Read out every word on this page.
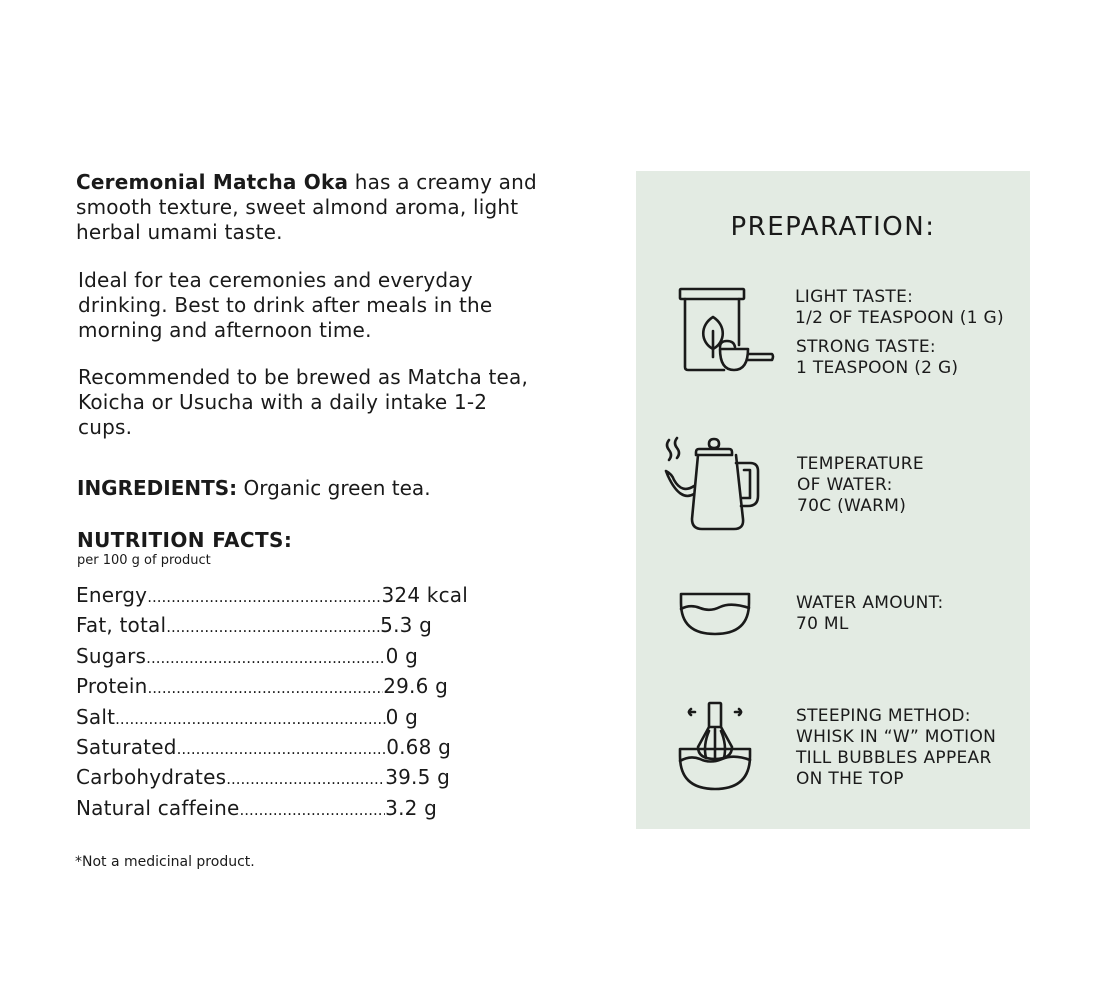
Ceremonial Matcha Oka has a creamy and smooth texture, sweet almond aroma, light herbal umami taste.

Ideal for tea ceremonies and everyday drinking. Best to drink after meals in the morning and afternoon time.

Recommended to be brewed as Matcha tea, Koicha or Usucha with a daily intake 1-2 cups.

INGREDIENTS: Organic green tea.
NUTRITION FACTS:
per 100 g of product
Energy .....	324 kcal
Fat, total .....	5.3 g
Sugars .....	0 g
Protein .....	29.6 g
Salt .....	0 g
Saturated .....	0.68 g
Carbohydrates .....	39.5 g
Natural caffeine .....	3.2 g
*Not a medicinal product.
PREPARATION:
LIGHT TASTE:
1/2 OF TEASPOON (1 G)
STRONG TASTE:
1 TEASPOON (2 G)
TEMPERATURE
OF WATER:
70C (WARM)
WATER AMOUNT:
70 ML
STEEPING METHOD:
WHISK IN “W” MOTION
TILL BUBBLES APPEAR
ON THE TOP
